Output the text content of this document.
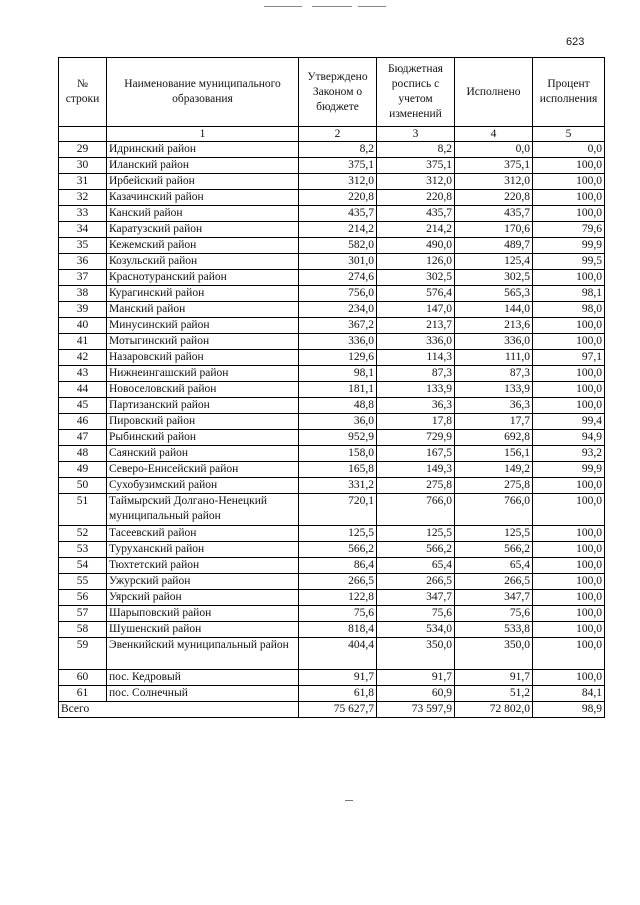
623
№ строки	Наименование муниципального образования	Утверждено Законом о бюджете	Бюджетная роспись с учетом изменений	Исполнено	Процент исполнения
	1	2	3	4	5
29	Идринский район	8,2	8,2	0,0	0,0
30	Иланский район	375,1	375,1	375,1	100,0
31	Ирбейский район	312,0	312,0	312,0	100,0
32	Казачинский район	220,8	220,8	220,8	100,0
33	Канский район	435,7	435,7	435,7	100,0
34	Каратузский район	214,2	214,2	170,6	79,6
35	Кежемский район	582,0	490,0	489,7	99,9
36	Козульский район	301,0	126,0	125,4	99,5
37	Краснотуранский район	274,6	302,5	302,5	100,0
38	Курагинский район	756,0	576,4	565,3	98,1
39	Манский район	234,0	147,0	144,0	98,0
40	Минусинский район	367,2	213,7	213,6	100,0
41	Мотыгинский район	336,0	336,0	336,0	100,0
42	Назаровский район	129,6	114,3	111,0	97,1
43	Нижнеингашский район	98,1	87,3	87,3	100,0
44	Новоселовский район	181,1	133,9	133,9	100,0
45	Партизанский район	48,8	36,3	36,3	100,0
46	Пировский район	36,0	17,8	17,7	99,4
47	Рыбинский район	952,9	729,9	692,8	94,9
48	Саянский район	158,0	167,5	156,1	93,2
49	Северо-Енисейский район	165,8	149,3	149,2	99,9
50	Сухобузимский район	331,2	275,8	275,8	100,0
51	Таймырский Долгано-Ненецкий муниципальный район	720,1	766,0	766,0	100,0
52	Тасеевский район	125,5	125,5	125,5	100,0
53	Туруханский район	566,2	566,2	566,2	100,0
54	Тюхтетский район	86,4	65,4	65,4	100,0
55	Ужурский район	266,5	266,5	266,5	100,0
56	Уярский район	122,8	347,7	347,7	100,0
57	Шарыповский район	75,6	75,6	75,6	100,0
58	Шушенский район	818,4	534,0	533,8	100,0
59	Эвенкийский муниципальный район	404,4	350,0	350,0	100,0
60	пос. Кедровый	91,7	91,7	91,7	100,0
61	пос. Солнечный	61,8	60,9	51,2	84,1
Всего		75 627,7	73 597,9	72 802,0	98,9
